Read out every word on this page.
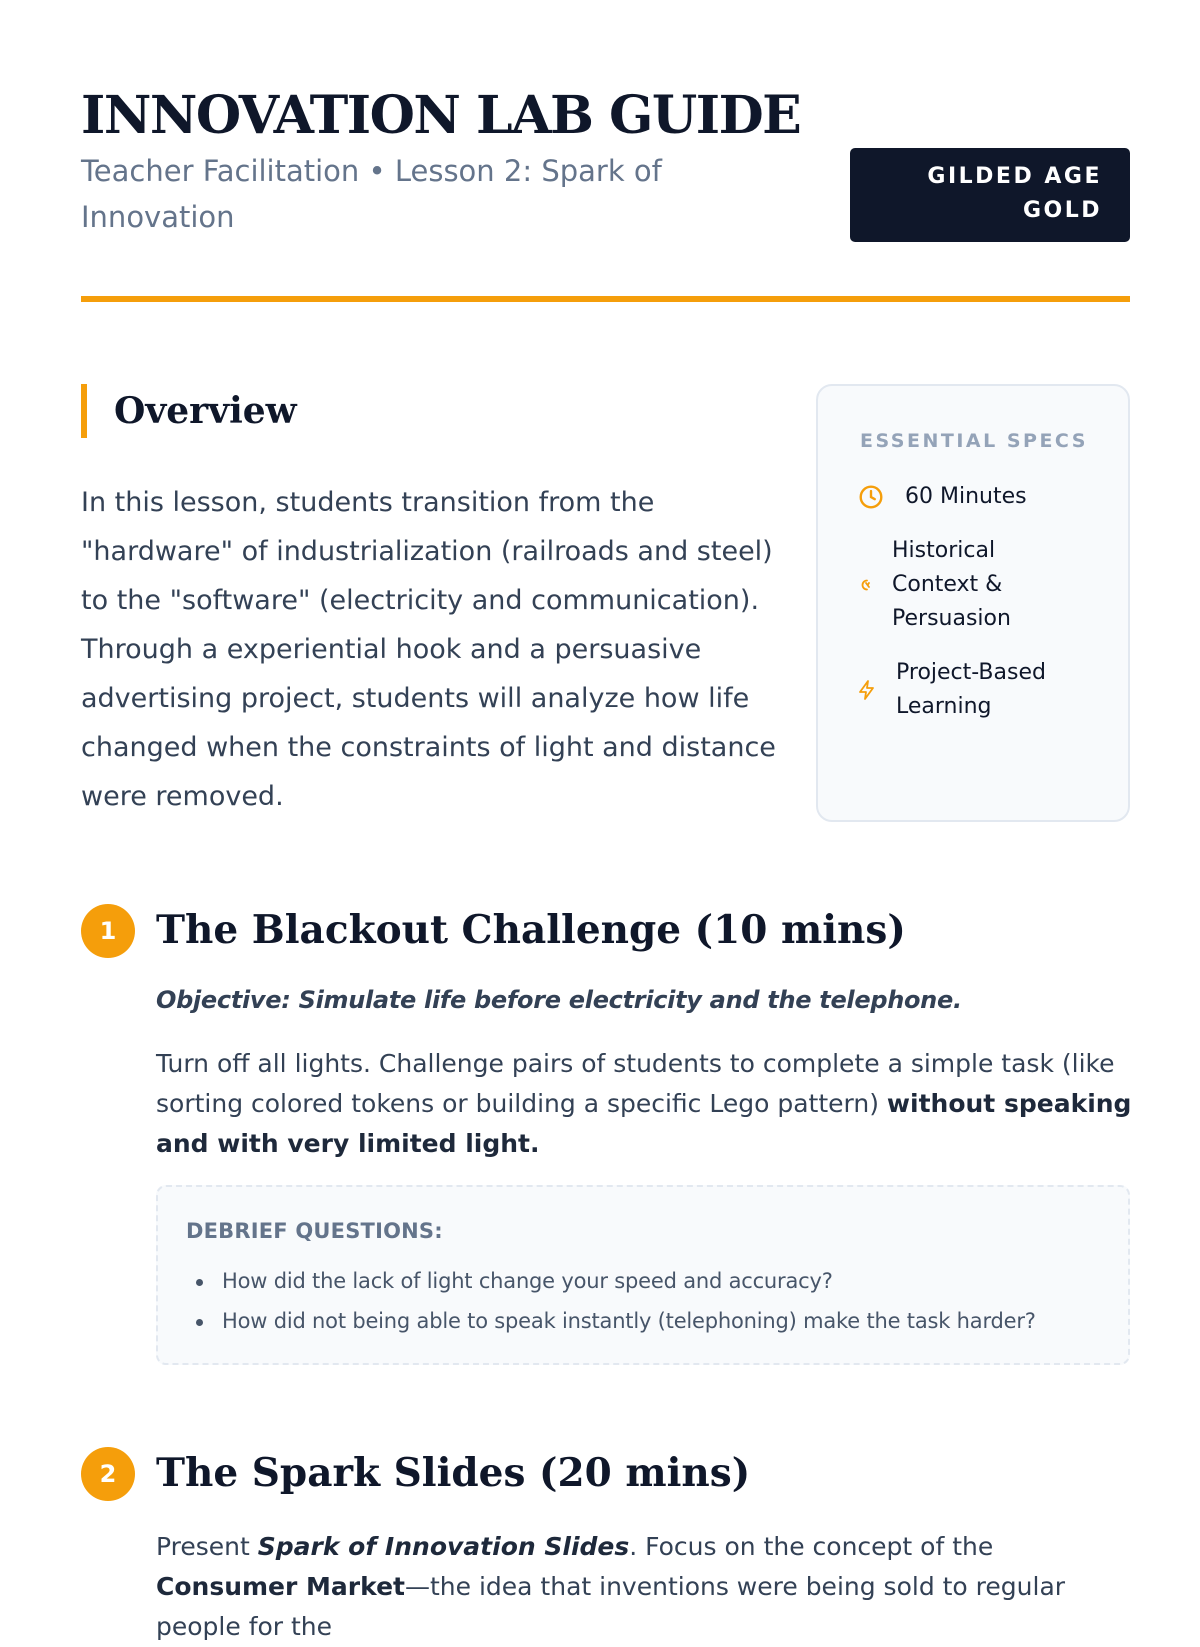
INNOVATION LAB GUIDE
Teacher Facilitation • Lesson 2: Spark of Innovation
GILDED AGE GOLD
Overview

In this lesson, students transition from the "hardware" of industrialization (railroads and steel) to the "software" (electricity and communication). Through a experiential hook and a persuasive advertising project, students will analyze how life changed when the constraints of light and distance were removed.

ESSENTIAL SPECS
60 Minutes
Historical Context & Persuasion
Project-Based Learning
1	The Blackout Challenge (10 mins)
Objective: Simulate life before electricity and the telephone.

Turn off all lights. Challenge pairs of students to complete a simple task (like sorting colored tokens or building a specific Lego pattern) without speaking and with very limited light.

DEBRIEF QUESTIONS:
How did the lack of light change your speed and accuracy?
How did not being able to speak instantly (telephoning) make the task harder?
2	The Spark Slides (20 mins)

Present Spark of Innovation Slides. Focus on the concept of the Consumer Market—the idea that inventions were being sold to regular people for the
